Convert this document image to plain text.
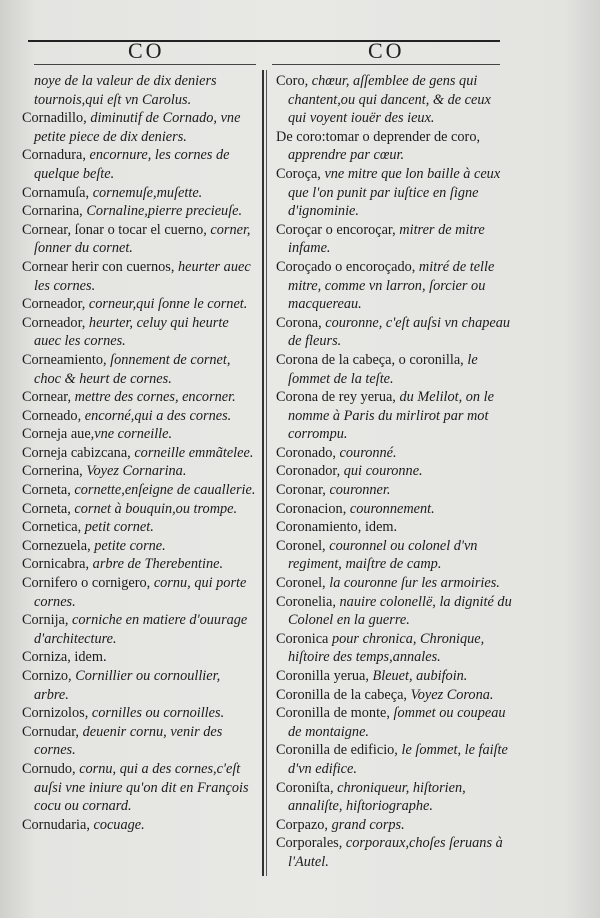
CO	CO

noye de la valeur de dix deniers tournois,qui eſt vn Carolus.

Cornadillo, diminutif de Cornado, vne petite piece de dix deniers.

Cornadura, encornure, les cornes de quelque beſte.

Cornamuſa, cornemuſe,muſette.

Cornarina, Cornaline,pierre precieuſe.

Cornear, ſonar o tocar el cuerno, corner, ſonner du cornet.

Cornear herir con cuernos, heurter auec les cornes.

Corneador, corneur,qui ſonne le cornet.

Corneador, heurter, celuy qui heurte auec les cornes.

Corneamiento, ſonnement de cornet, choc & heurt de cornes.

Cornear, mettre des cornes, encorner.

Corneado, encorné,qui a des cornes.

Corneja aue,vne corneille.

Corneja cabizcana, corneille emmãtelee.

Cornerina, Voyez Cornarina.

Corneta, cornette,enſeigne de cauallerie.

Corneta, cornet à bouquin,ou trompe.

Cornetica, petit cornet.

Cornezuela, petite corne.

Cornicabra, arbre de Therebentine.

Cornifero o cornigero, cornu, qui porte cornes.

Cornija, corniche en matiere d'ouurage d'architecture.

Corniza, idem.

Cornizo, Cornillier ou cornoullier, arbre.

Cornizolos, cornilles ou cornoilles.

Cornudar, deuenir cornu, venir des cornes.

Cornudo, cornu, qui a des cornes,c'eſt auſsi vne iniure qu'on dit en François cocu ou cornard.

Cornudaria, cocuage.

Coro, chœur, aſſemblee de gens qui chantent,ou qui dancent, & de ceux qui voyent iouër des ieux.

De coro:tomar o deprender de coro, apprendre par cœur.

Coroça, vne mitre que lon baille à ceux que l'on punit par iuſtice en ſigne d'ignominie.

Coroçar o encoroçar, mitrer de mitre infame.

Coroçado o encoroçado, mitré de telle mitre, comme vn larron, ſorcier ou macquereau.

Corona, couronne, c'eſt auſsi vn chapeau de fleurs.

Corona de la cabeça, o coronilla, le ſommet de la teſte.

Corona de rey yerua, du Melilot, on le nomme à Paris du mirlirot par mot corrompu.

Coronado, couronné.

Coronador, qui couronne.

Coronar, couronner.

Coronacion, couronnement.

Coronamiento, idem.

Coronel, couronnel ou colonel d'vn regiment, maiſtre de camp.

Coronel, la couronne ſur les armoiries.

Coronelia, nauire colonellë, la dignité du Colonel en la guerre.

Coronica pour chronica, Chronique, hiſtoire des temps,annales.

Coronilla yerua, Bleuet, aubifoin.

Coronilla de la cabeça, Voyez Corona.

Coronilla de monte, ſommet ou coupeau de montaigne.

Coronilla de edificio, le ſommet, le faiſte d'vn edifice.

Coroniſta, chroniqueur, hiſtorien, annaliſte, hiſtoriographe.

Corpazo, grand corps.

Corporales, corporaux,choſes ſeruans à l'Autel.
